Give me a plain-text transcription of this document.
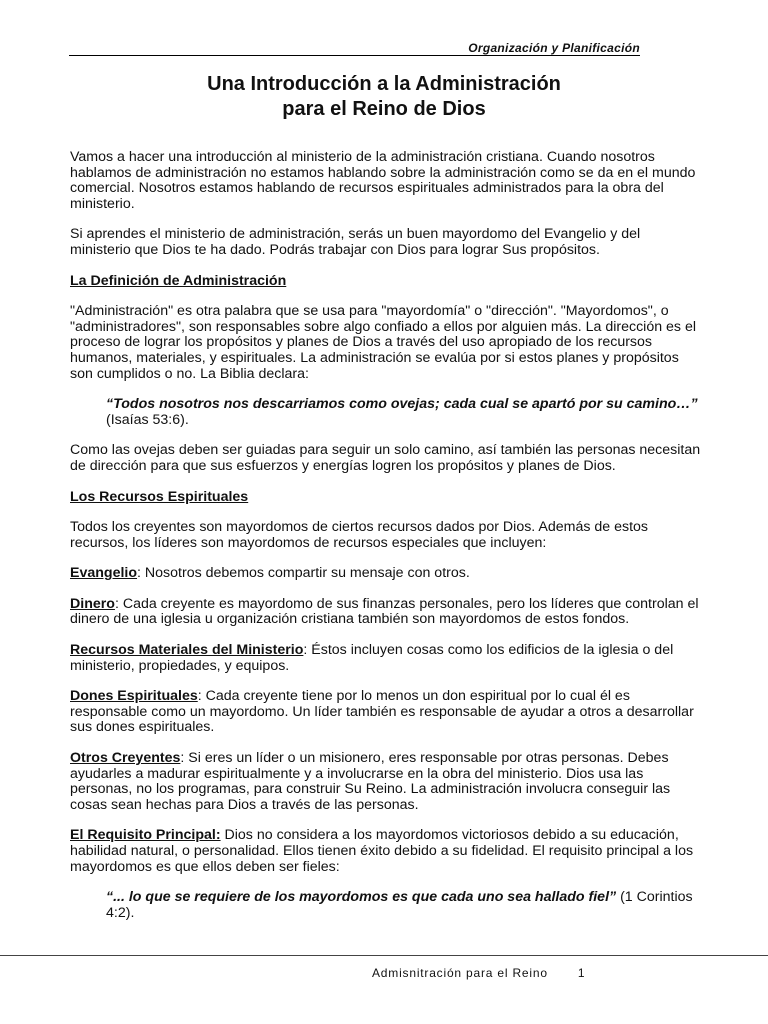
Organización y Planificación
Una Introducción a la Administración
para el Reino de Dios

Vamos a hacer una introducción al ministerio de la administración cristiana. Cuando nosotros hablamos de administración no estamos hablando sobre la administración como se da en el mundo comercial. Nosotros estamos hablando de recursos espirituales administrados para la obra del ministerio.

Si aprendes el ministerio de administración, serás un buen mayordomo del Evangelio y del ministerio que Dios te ha dado. Podrás trabajar con Dios para lograr Sus propósitos.

La Definición de Administración

"Administración" es otra palabra que se usa para "mayordomía" o "dirección". "Mayordomos", o "administradores", son responsables sobre algo confiado a ellos por alguien más. La dirección es el proceso de lograr los propósitos y planes de Dios a través del uso apropiado de los recursos humanos, materiales, y espirituales. La administración se evalúa por si estos planes y propósitos son cumplidos o no. La Biblia declara:

“Todos nosotros nos descarriamos como ovejas; cada cual se apartó por su camino…” (Isaías 53:6).

Como las ovejas deben ser guiadas para seguir un solo camino, así también las personas necesitan de dirección para que sus esfuerzos y energías logren los propósitos y planes de Dios.

Los Recursos Espirituales

Todos los creyentes son mayordomos de ciertos recursos dados por Dios. Además de estos recursos, los líderes son mayordomos de recursos especiales que incluyen:

Evangelio: Nosotros debemos compartir su mensaje con otros.

Dinero: Cada creyente es mayordomo de sus finanzas personales, pero los líderes que controlan el dinero de una iglesia u organización cristiana también son mayordomos de estos fondos.

Recursos Materiales del Ministerio: Éstos incluyen cosas como los edificios de la iglesia o del ministerio, propiedades, y equipos.

Dones Espirituales: Cada creyente tiene por lo menos un don espiritual por lo cual él es responsable como un mayordomo. Un líder también es responsable de ayudar a otros a desarrollar sus dones espirituales.

Otros Creyentes: Si eres un líder o un misionero, eres responsable por otras personas. Debes ayudarles a madurar espiritualmente y a involucrarse en la obra del ministerio. Dios usa las personas, no los programas, para construir Su Reino. La administración involucra conseguir las cosas sean hechas para Dios a través de las personas.

El Requisito Principal: Dios no considera a los mayordomos victoriosos debido a su educación, habilidad natural, o personalidad. Ellos tienen éxito debido a su fidelidad. El requisito principal a los mayordomos es que ellos deben ser fieles:

“... lo que se requiere de los mayordomos es que cada uno sea hallado fiel” (1 Corintios 4:2).

Admisnitración para el Reino	1
